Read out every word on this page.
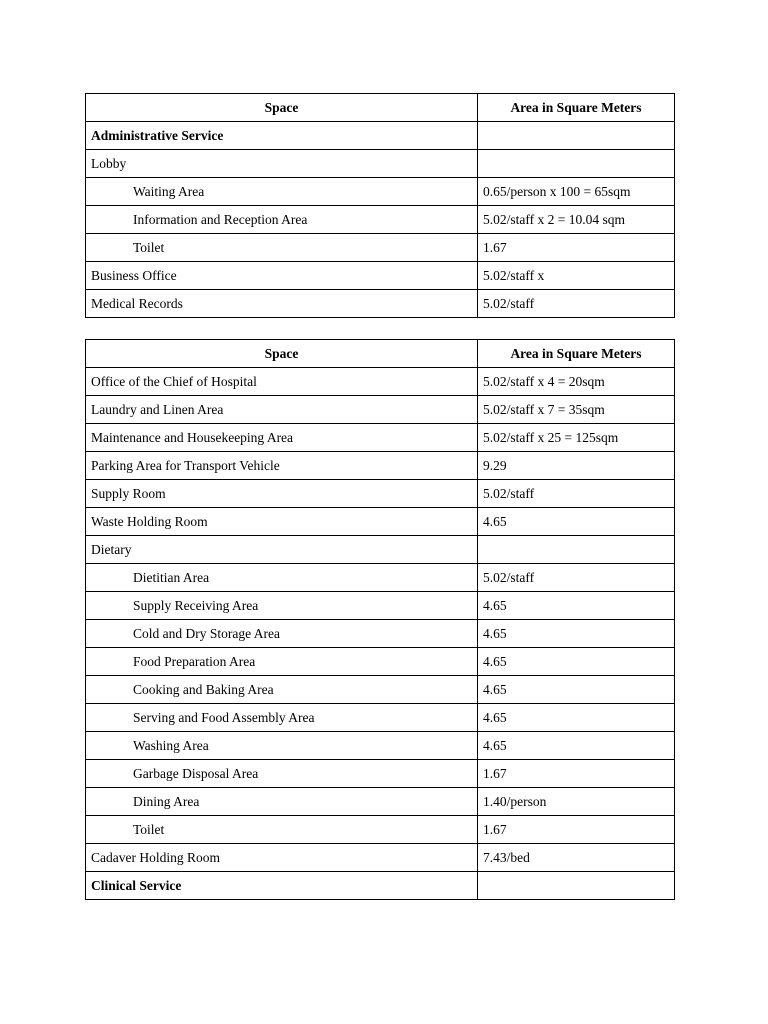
Space	Area in Square Meters
Administrative Service	
Lobby	
Waiting Area	0.65/person x 100 = 65sqm
Information and Reception Area	5.02/staff x 2 = 10.04 sqm
Toilet	1.67
Business Office	5.02/staff x
Medical Records	5.02/staff
Space	Area in Square Meters
Office of the Chief of Hospital	5.02/staff x 4 = 20sqm
Laundry and Linen Area	5.02/staff x 7 = 35sqm
Maintenance and Housekeeping Area	5.02/staff x 25 = 125sqm
Parking Area for Transport Vehicle	9.29
Supply Room	5.02/staff
Waste Holding Room	4.65
Dietary	
Dietitian Area	5.02/staff
Supply Receiving Area	4.65
Cold and Dry Storage Area	4.65
Food Preparation Area	4.65
Cooking and Baking Area	4.65
Serving and Food Assembly Area	4.65
Washing Area	4.65
Garbage Disposal Area	1.67
Dining Area	1.40/person
Toilet	1.67
Cadaver Holding Room	7.43/bed
Clinical Service	
